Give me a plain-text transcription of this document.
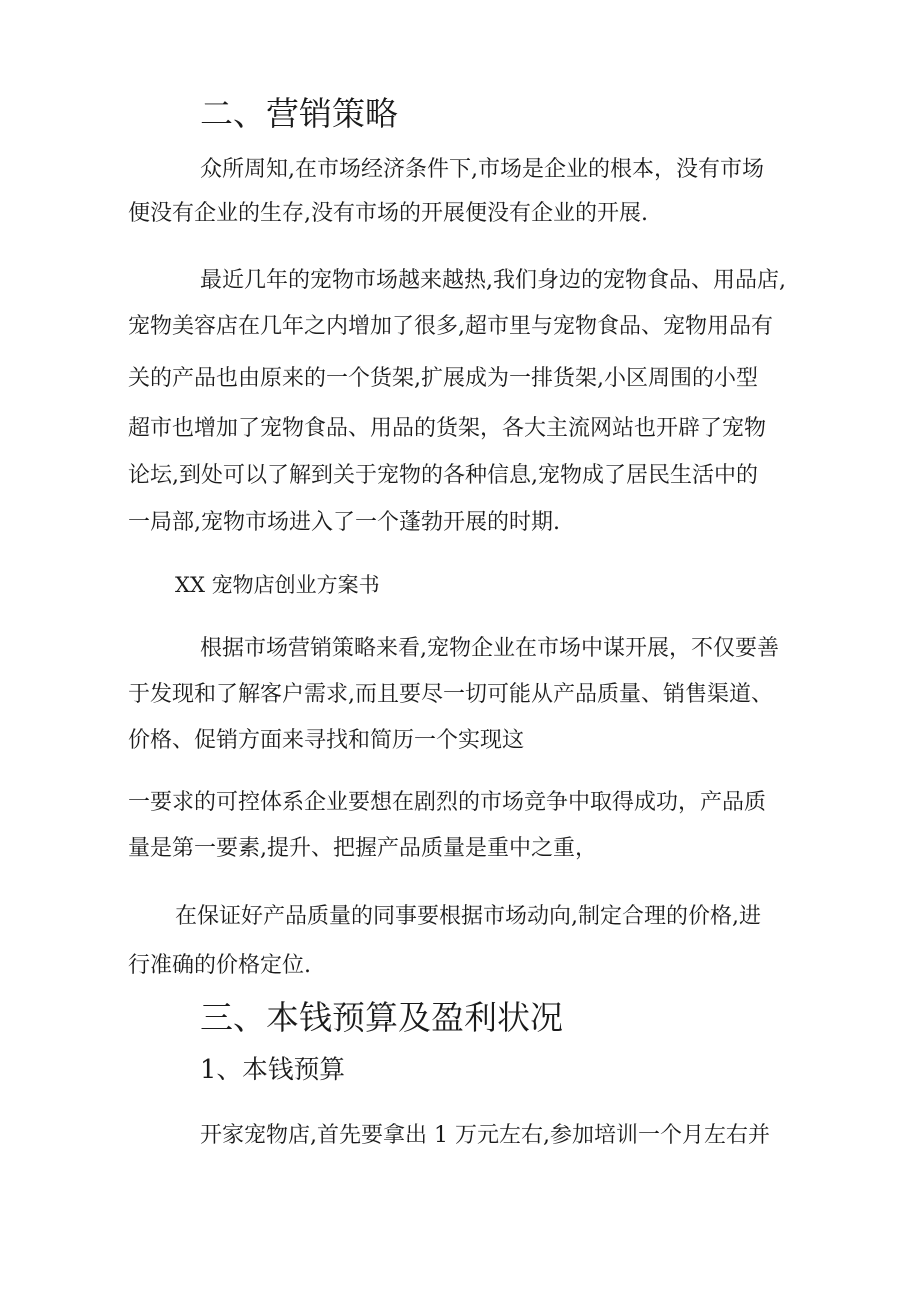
二、营销策略

众所周知,在市场经济条件下,市场是企业的根本，没有市场

便没有企业的生存,没有市场的开展便没有企业的开展.

最近几年的宠物市场越来越热,我们身边的宠物食品、用品店,

宠物美容店在几年之内增加了很多,超市里与宠物食品、宠物用品有

关的产品也由原来的一个货架,扩展成为一排货架,小区周围的小型

超市也增加了宠物食品、用品的货架，各大主流网站也开辟了宠物

论坛,到处可以了解到关于宠物的各种信息,宠物成了居民生活中的

一局部,宠物市场进入了一个蓬勃开展的时期.

XX 宠物店创业方案书

根据市场营销策略来看,宠物企业在市场中谋开展，不仅要善

于发现和了解客户需求,而且要尽一切可能从产品质量、销售渠道、

价格、促销方面来寻找和简历一个实现这

一要求的可控体系企业要想在剧烈的市场竞争中取得成功，产品质

量是第一要素,提升、把握产品质量是重中之重，

在保证好产品质量的同事要根据市场动向,制定合理的价格,进

行准确的价格定位.

三、本钱预算及盈利状况
1、本钱预算

开家宠物店,首先要拿出 1 万元左右,参加培训一个月左右并
